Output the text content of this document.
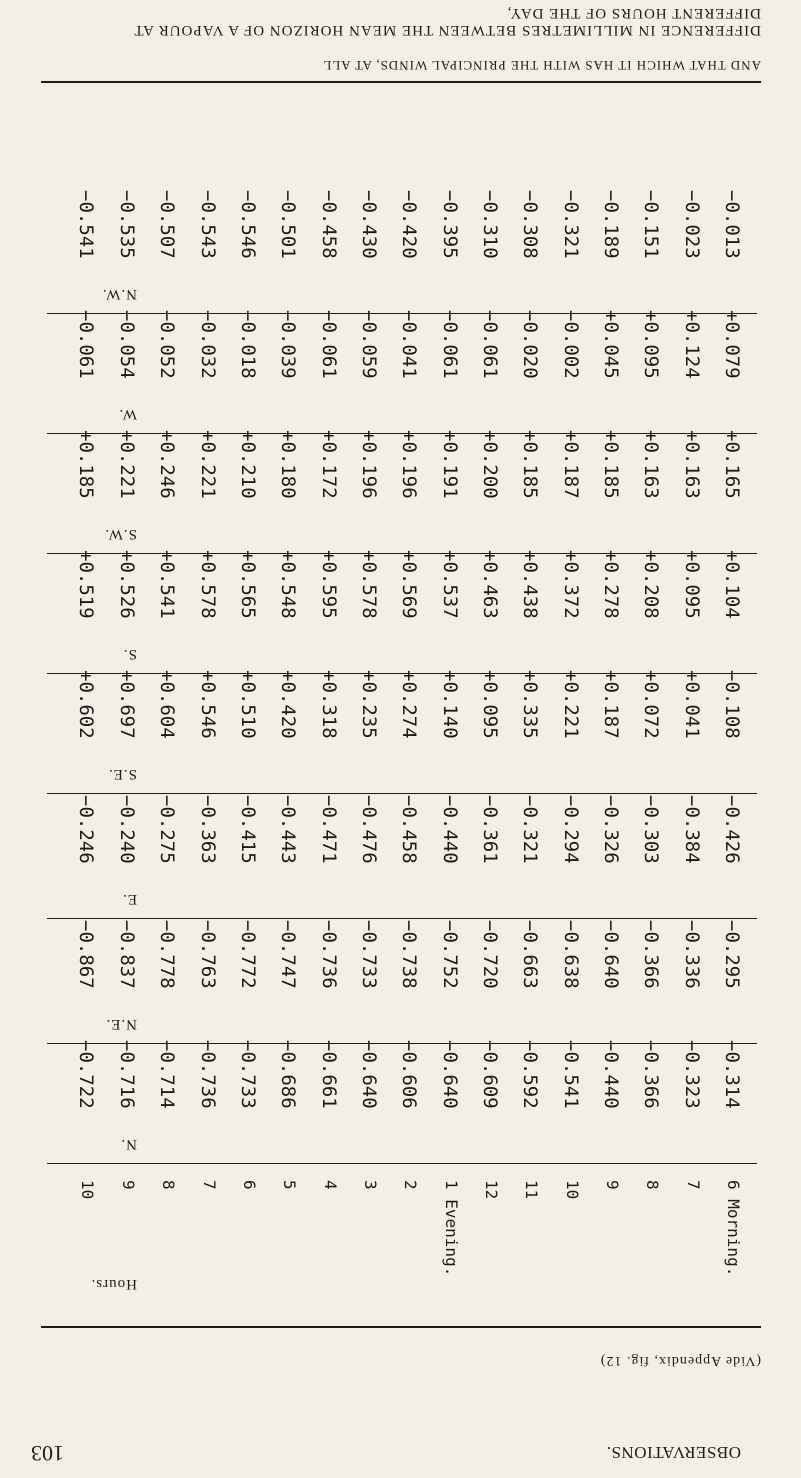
OBSERVATIONS.
103
(Vide Appendix, fig. 12)
DIFFERENCE IN MILLIMETRES BETWEEN THE MEAN HORIZON OF A VAPOUR AT DIFFERENT HOURS OF THE DAY,
AND THAT WHICH IT HAS WITH THE PRINCIPAL WINDS, AT ALL
Hours.
N.
N.E.
E.
S.E.
S.
S.W.
W.
N.W.
6 Morning.
−0.314
−0.295
−0.426
−0.108
+0.104
+0.165
+0.079
−0.013
7
−0.323
−0.336
−0.384
+0.041
+0.095
+0.163
+0.124
−0.023
8
−0.366
−0.366
−0.303
+0.072
+0.208
+0.163
+0.095
−0.151
9
−0.440
−0.640
−0.326
+0.187
+0.278
+0.185
+0.045
−0.189
10
−0.541
−0.638
−0.294
+0.221
+0.372
+0.187
−0.002
−0.321
11
−0.592
−0.663
−0.321
+0.335
+0.438
+0.185
−0.020
−0.308
12
−0.609
−0.720
−0.361
+0.095
+0.463
+0.200
−0.061
−0.310
1 Evening.
−0.640
−0.752
−0.440
+0.140
+0.537
+0.191
−0.061
−0.395
2
−0.606
−0.738
−0.458
+0.274
+0.569
+0.196
−0.041
−0.420
3
−0.640
−0.733
−0.476
+0.235
+0.578
+0.196
−0.059
−0.430
4
−0.661
−0.736
−0.471
+0.318
+0.595
+0.172
−0.061
−0.458
5
−0.686
−0.747
−0.443
+0.420
+0.548
+0.180
−0.039
−0.501
6
−0.733
−0.772
−0.415
+0.510
+0.565
+0.210
−0.018
−0.546
7
−0.736
−0.763
−0.363
+0.546
+0.578
+0.221
−0.032
−0.543
8
−0.714
−0.778
−0.275
+0.604
+0.541
+0.246
−0.052
−0.507
9
−0.716
−0.837
−0.240
+0.697
+0.526
+0.221
−0.054
−0.535
10
−0.722
−0.867
−0.246
+0.602
+0.519
+0.185
−0.061
−0.541
